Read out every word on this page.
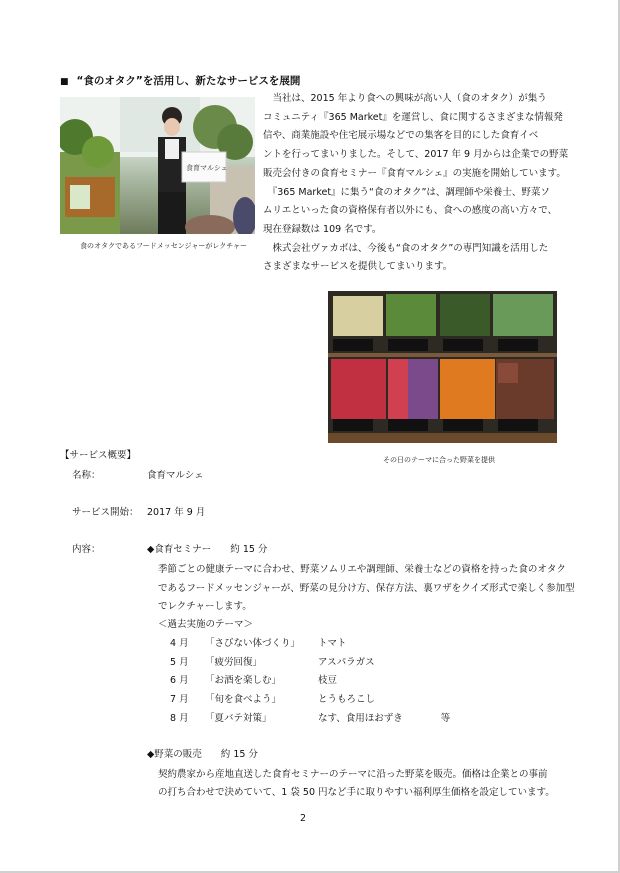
■ “食のオタク”を活用し、新たなサービスを展開
食育マルシェ
食のオタクであるフードメッセンジャーがレクチャー
　当社は、2015 年より食への興味が高い人（食のオタク）が集う
コミュニティ『365 Market』を運営し、食に関するさまざまな情報発
信や、商業施設や住宅展示場などでの集客を目的にした食育イベ
ントを行ってまいりました。そして、2017 年 9 月からは企業での野菜
販売会付きの食育セミナー『食育マルシェ』の実施を開始しています。
　『365 Market』に集う“食のオタク”は、調理師や栄養士、野菜ソ
ムリエといった食の資格保有者以外にも、食への感度の高い方々で、
現在登録数は 109 名です。
　株式会社ヴァカボは、今後も“食のオタク”の専門知識を活用した
さまざまなサービスを提供してまいります。
その日のテーマに合った野菜を提供
【サービス概要】
名称：	食育マルシェ
サービス開始： 2017 年 9 月
内容：	◆食育セミナー　　約 15 分
季節ごとの健康テーマに合わせ、野菜ソムリエや調理師、栄養士などの資格を持った食のオタク
であるフードメッセンジャーが、野菜の見分け方、保存方法、裏ワザをクイズ形式で楽しく参加型
でレクチャーします。
＜過去実施のテーマ＞
4 月 「さびない体づくり」 トマト
5 月 「疲労回復」	アスパラガス
6 月 「お酒を楽しむ」	枝豆
7 月 「旬を食べよう」	とうもろこし
8 月 「夏バテ対策」	なす、食用ほおずき　　　　等
◆野菜の販売　　約 15 分
契約農家から産地直送した食育セミナーのテーマに沿った野菜を販売。価格は企業との事前
の打ち合わせで決めていて、1 袋 50 円など手に取りやすい福利厚生価格を設定しています。
2
